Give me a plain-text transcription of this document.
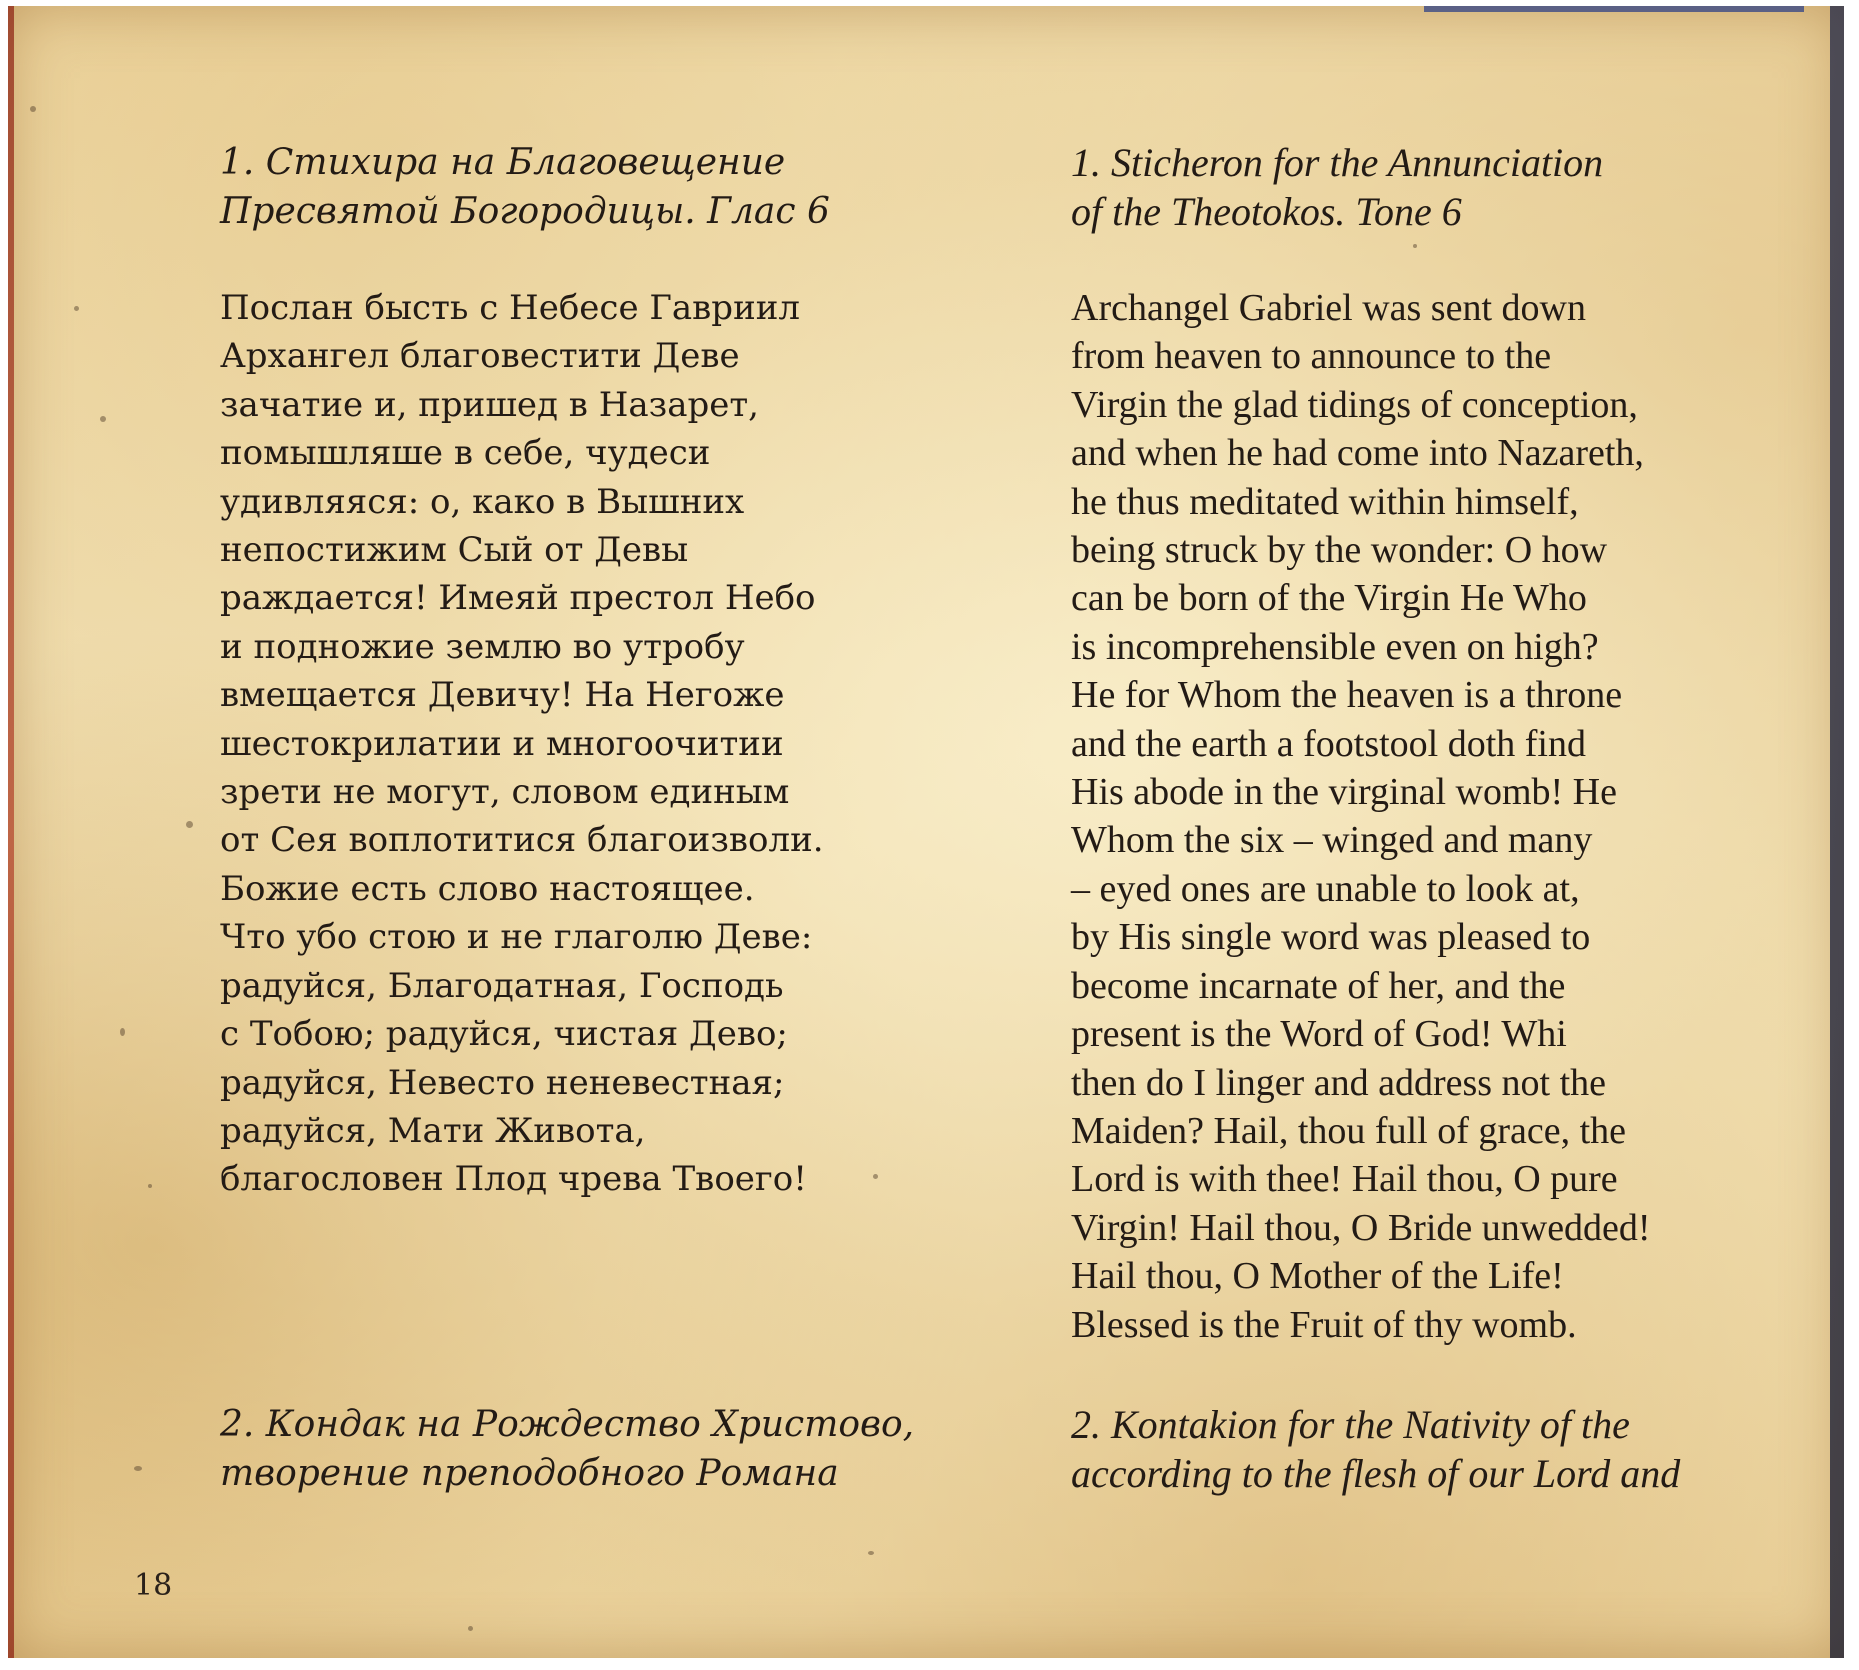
1. Стихира на Благовещение
Пресвятой Богородицы. Глас 6

Послан бысть с Небесе Гавриил
Архангел благовестити Деве
зачатие и, пришед в Назарет,
помышляше в себе, чудеси
удивляяся: о, како в Вышних
непостижим Сый от Девы
раждается! Имеяй престол Небо
и подножие землю во утробу
вмещается Девичу! На Негоже
шестокрилатии и многоочитии
зрети не могут, словом единым
от Сея воплотитися благоизволи.
Божие есть слово настоящее.
Что убо стою и не глаголю Деве:
радуйся, Благодатная, Господь
с Тобою; радуйся, чистая Дево;
радуйся, Невесто неневестная;
радуйся, Мати Живота,
благословен Плод чрева Твоего!

2. Кондак на Рождество Христово,
творение преподобного Романа

1. Sticheron for the Annunciation
of the Theotokos. Tone 6

Archangel Gabriel was sent down
from heaven to announce to the
Virgin the glad tidings of conception,
and when he had come into Nazareth,
he thus meditated within himself,
being struck by the wonder: O how
can be born of the Virgin He Who
is incomprehensible even on high?
He for Whom the heaven is a throne
and the earth a footstool doth find
His abode in the virginal womb! He
Whom the six – winged and many
– eyed ones are unable to look at,
by His single word was pleased to
become incarnate of her, and the
present is the Word of God! Whi
then do I linger and address not the
Maiden? Hail, thou full of grace, the
Lord is with thee! Hail thou, O pure
Virgin! Hail thou, O Bride unwedded!
Hail thou, O Mother of the Life!
Blessed is the Fruit of thy womb.

2. Kontakion for the Nativity of the
according to the flesh of our Lord and

18
